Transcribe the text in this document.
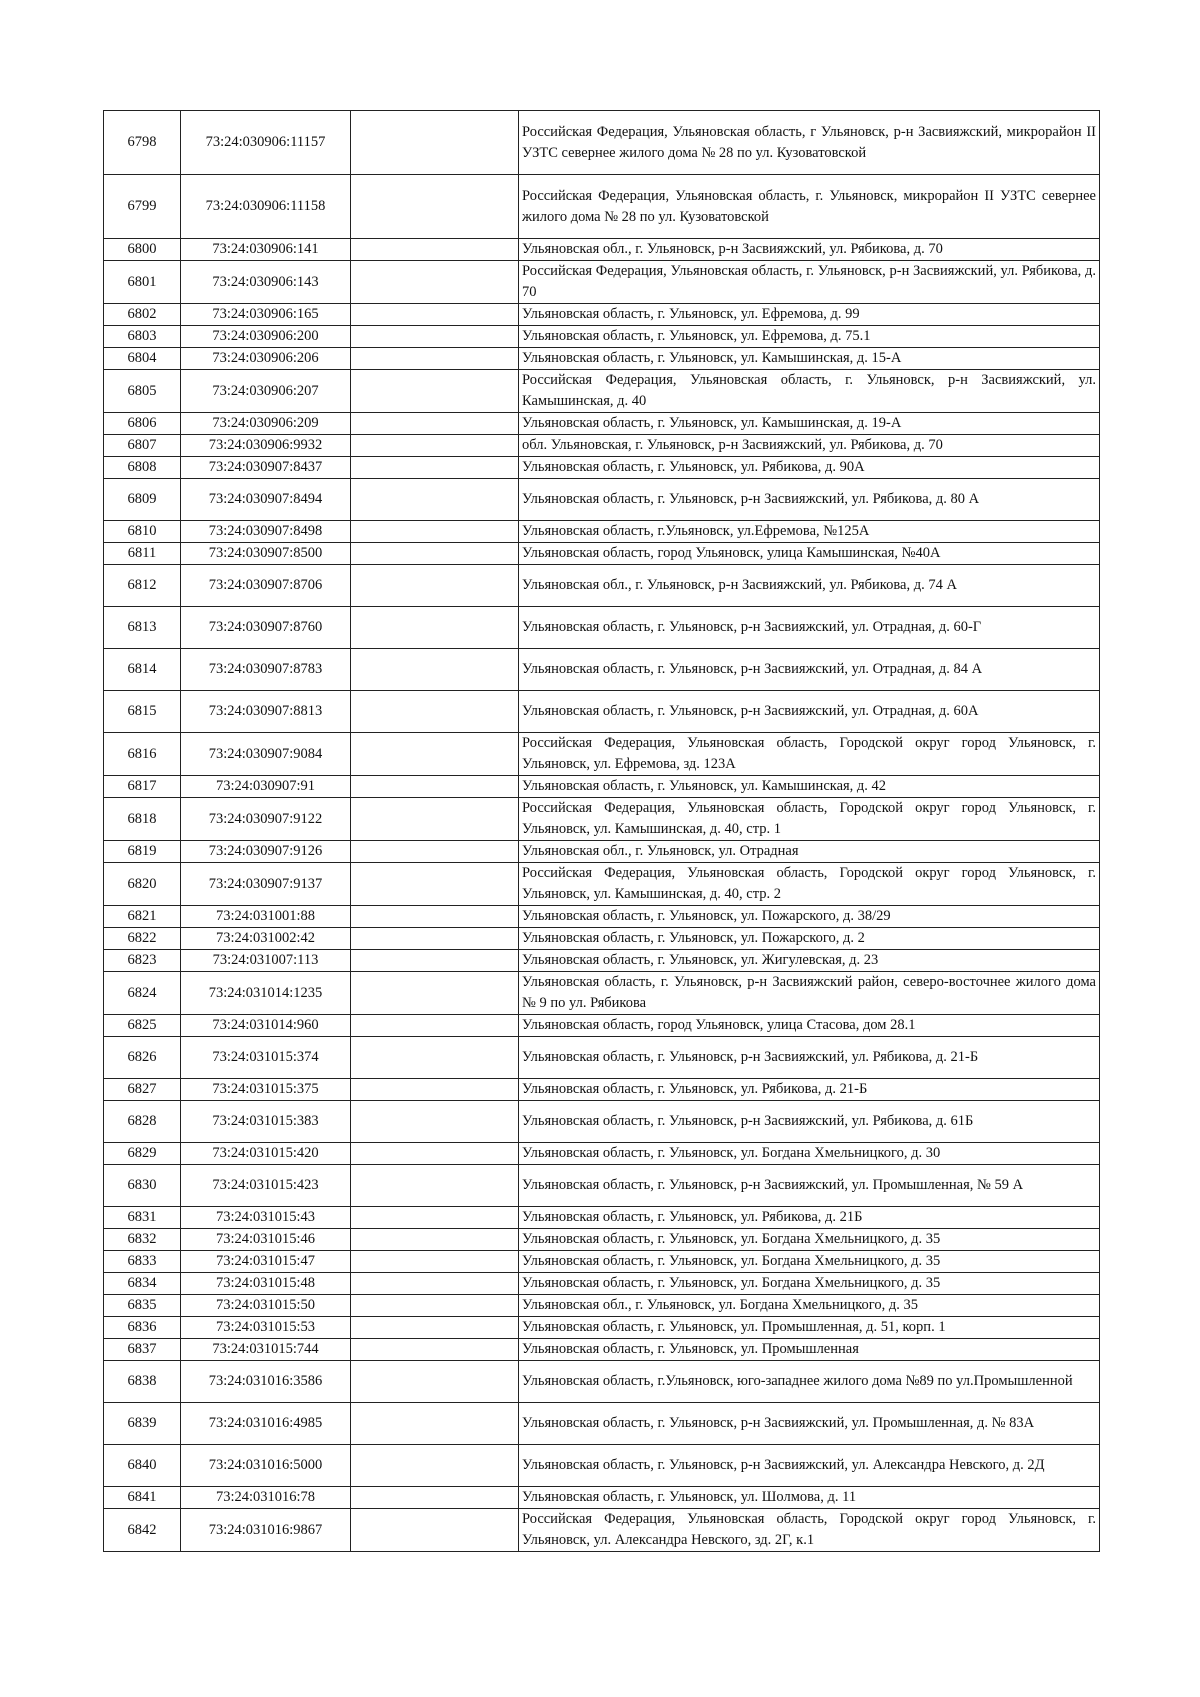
6798	73:24:030906:11157		Российская Федерация, Ульяновская область, г Ульяновск, р-н Засвияжский, микрорайон II УЗТС севернее жилого дома № 28 по ул. Кузоватовской
6799	73:24:030906:11158		Российская Федерация, Ульяновская область, г. Ульяновск, микрорайон II УЗТС севернее жилого дома № 28 по ул. Кузоватовской
6800	73:24:030906:141		Ульяновская обл., г. Ульяновск, р-н Засвияжский, ул. Рябикова, д. 70
6801	73:24:030906:143		Российская Федерация, Ульяновская область, г. Ульяновск, р-н Засвияжский, ул. Рябикова, д. 70
6802	73:24:030906:165		Ульяновская область, г. Ульяновск, ул. Ефремова, д. 99
6803	73:24:030906:200		Ульяновская область, г. Ульяновск, ул. Ефремова, д. 75.1
6804	73:24:030906:206		Ульяновская область, г. Ульяновск, ул. Камышинская, д. 15-А
6805	73:24:030906:207		Российская Федерация, Ульяновская область, г. Ульяновск, р-н Засвияжский, ул. Камышинская, д. 40
6806	73:24:030906:209		Ульяновская область, г. Ульяновск, ул. Камышинская, д. 19-А
6807	73:24:030906:9932		обл. Ульяновская, г. Ульяновск, р-н Засвияжский, ул. Рябикова, д. 70
6808	73:24:030907:8437		Ульяновская область, г. Ульяновск, ул. Рябикова, д. 90А
6809	73:24:030907:8494		Ульяновская область, г. Ульяновск, р-н Засвияжский, ул. Рябикова, д. 80 А
6810	73:24:030907:8498		Ульяновская область, г.Ульяновск, ул.Ефремова, №125А
6811	73:24:030907:8500		Ульяновская область, город Ульяновск, улица Камышинская, №40А
6812	73:24:030907:8706		Ульяновская обл., г. Ульяновск, р-н Засвияжский, ул. Рябикова, д. 74 А
6813	73:24:030907:8760		Ульяновская область, г. Ульяновск, р-н Засвияжский, ул. Отрадная, д. 60-Г
6814	73:24:030907:8783		Ульяновская область, г. Ульяновск, р-н Засвияжский, ул. Отрадная, д. 84 А
6815	73:24:030907:8813		Ульяновская область, г. Ульяновск, р-н Засвияжский, ул. Отрадная, д. 60А
6816	73:24:030907:9084		Российская Федерация, Ульяновская область, Городской округ город Ульяновск, г. Ульяновск, ул. Ефремова, зд. 123А
6817	73:24:030907:91		Ульяновская область, г. Ульяновск, ул. Камышинская, д. 42
6818	73:24:030907:9122		Российская Федерация, Ульяновская область, Городской округ город Ульяновск, г. Ульяновск, ул. Камышинская, д. 40, стр. 1
6819	73:24:030907:9126		Ульяновская обл., г. Ульяновск, ул. Отрадная
6820	73:24:030907:9137		Российская Федерация, Ульяновская область, Городской округ город Ульяновск, г. Ульяновск, ул. Камышинская, д. 40, стр. 2
6821	73:24:031001:88		Ульяновская область, г. Ульяновск, ул. Пожарского, д. 38/29
6822	73:24:031002:42		Ульяновская область, г. Ульяновск, ул. Пожарского, д. 2
6823	73:24:031007:113		Ульяновская область, г. Ульяновск, ул. Жигулевская, д. 23
6824	73:24:031014:1235		Ульяновская область, г. Ульяновск, р-н Засвияжский район, северо-восточнее жилого дома № 9 по ул. Рябикова
6825	73:24:031014:960		Ульяновская область, город Ульяновск, улица Стасова, дом 28.1
6826	73:24:031015:374		Ульяновская область, г. Ульяновск, р-н Засвияжский, ул. Рябикова, д. 21-Б
6827	73:24:031015:375		Ульяновская область, г. Ульяновск, ул. Рябикова, д. 21-Б
6828	73:24:031015:383		Ульяновская область, г. Ульяновск, р-н Засвияжский, ул. Рябикова, д. 61Б
6829	73:24:031015:420		Ульяновская область, г. Ульяновск, ул. Богдана Хмельницкого, д. 30
6830	73:24:031015:423		Ульяновская область, г. Ульяновск, р-н Засвияжский, ул. Промышленная, № 59 А
6831	73:24:031015:43		Ульяновская область, г. Ульяновск, ул. Рябикова, д. 21Б
6832	73:24:031015:46		Ульяновская область, г. Ульяновск, ул. Богдана Хмельницкого, д. 35
6833	73:24:031015:47		Ульяновская область, г. Ульяновск, ул. Богдана Хмельницкого, д. 35
6834	73:24:031015:48		Ульяновская область, г. Ульяновск, ул. Богдана Хмельницкого, д. 35
6835	73:24:031015:50		Ульяновская обл., г. Ульяновск, ул. Богдана Хмельницкого, д. 35
6836	73:24:031015:53		Ульяновская область, г. Ульяновск, ул. Промышленная, д. 51, корп. 1
6837	73:24:031015:744		Ульяновская область, г. Ульяновск, ул. Промышленная
6838	73:24:031016:3586		Ульяновская область, г.Ульяновск, юго-западнее жилого дома №89 по ул.Промышленной
6839	73:24:031016:4985		Ульяновская область, г. Ульяновск, р-н Засвияжский, ул. Промышленная, д. № 83А
6840	73:24:031016:5000		Ульяновская область, г. Ульяновск, р-н Засвияжский, ул. Александра Невского, д. 2Д
6841	73:24:031016:78		Ульяновская область, г. Ульяновск, ул. Шолмова, д. 11
6842	73:24:031016:9867		Российская Федерация, Ульяновская область, Городской округ город Ульяновск, г. Ульяновск, ул. Александра Невского, зд. 2Г, к.1
